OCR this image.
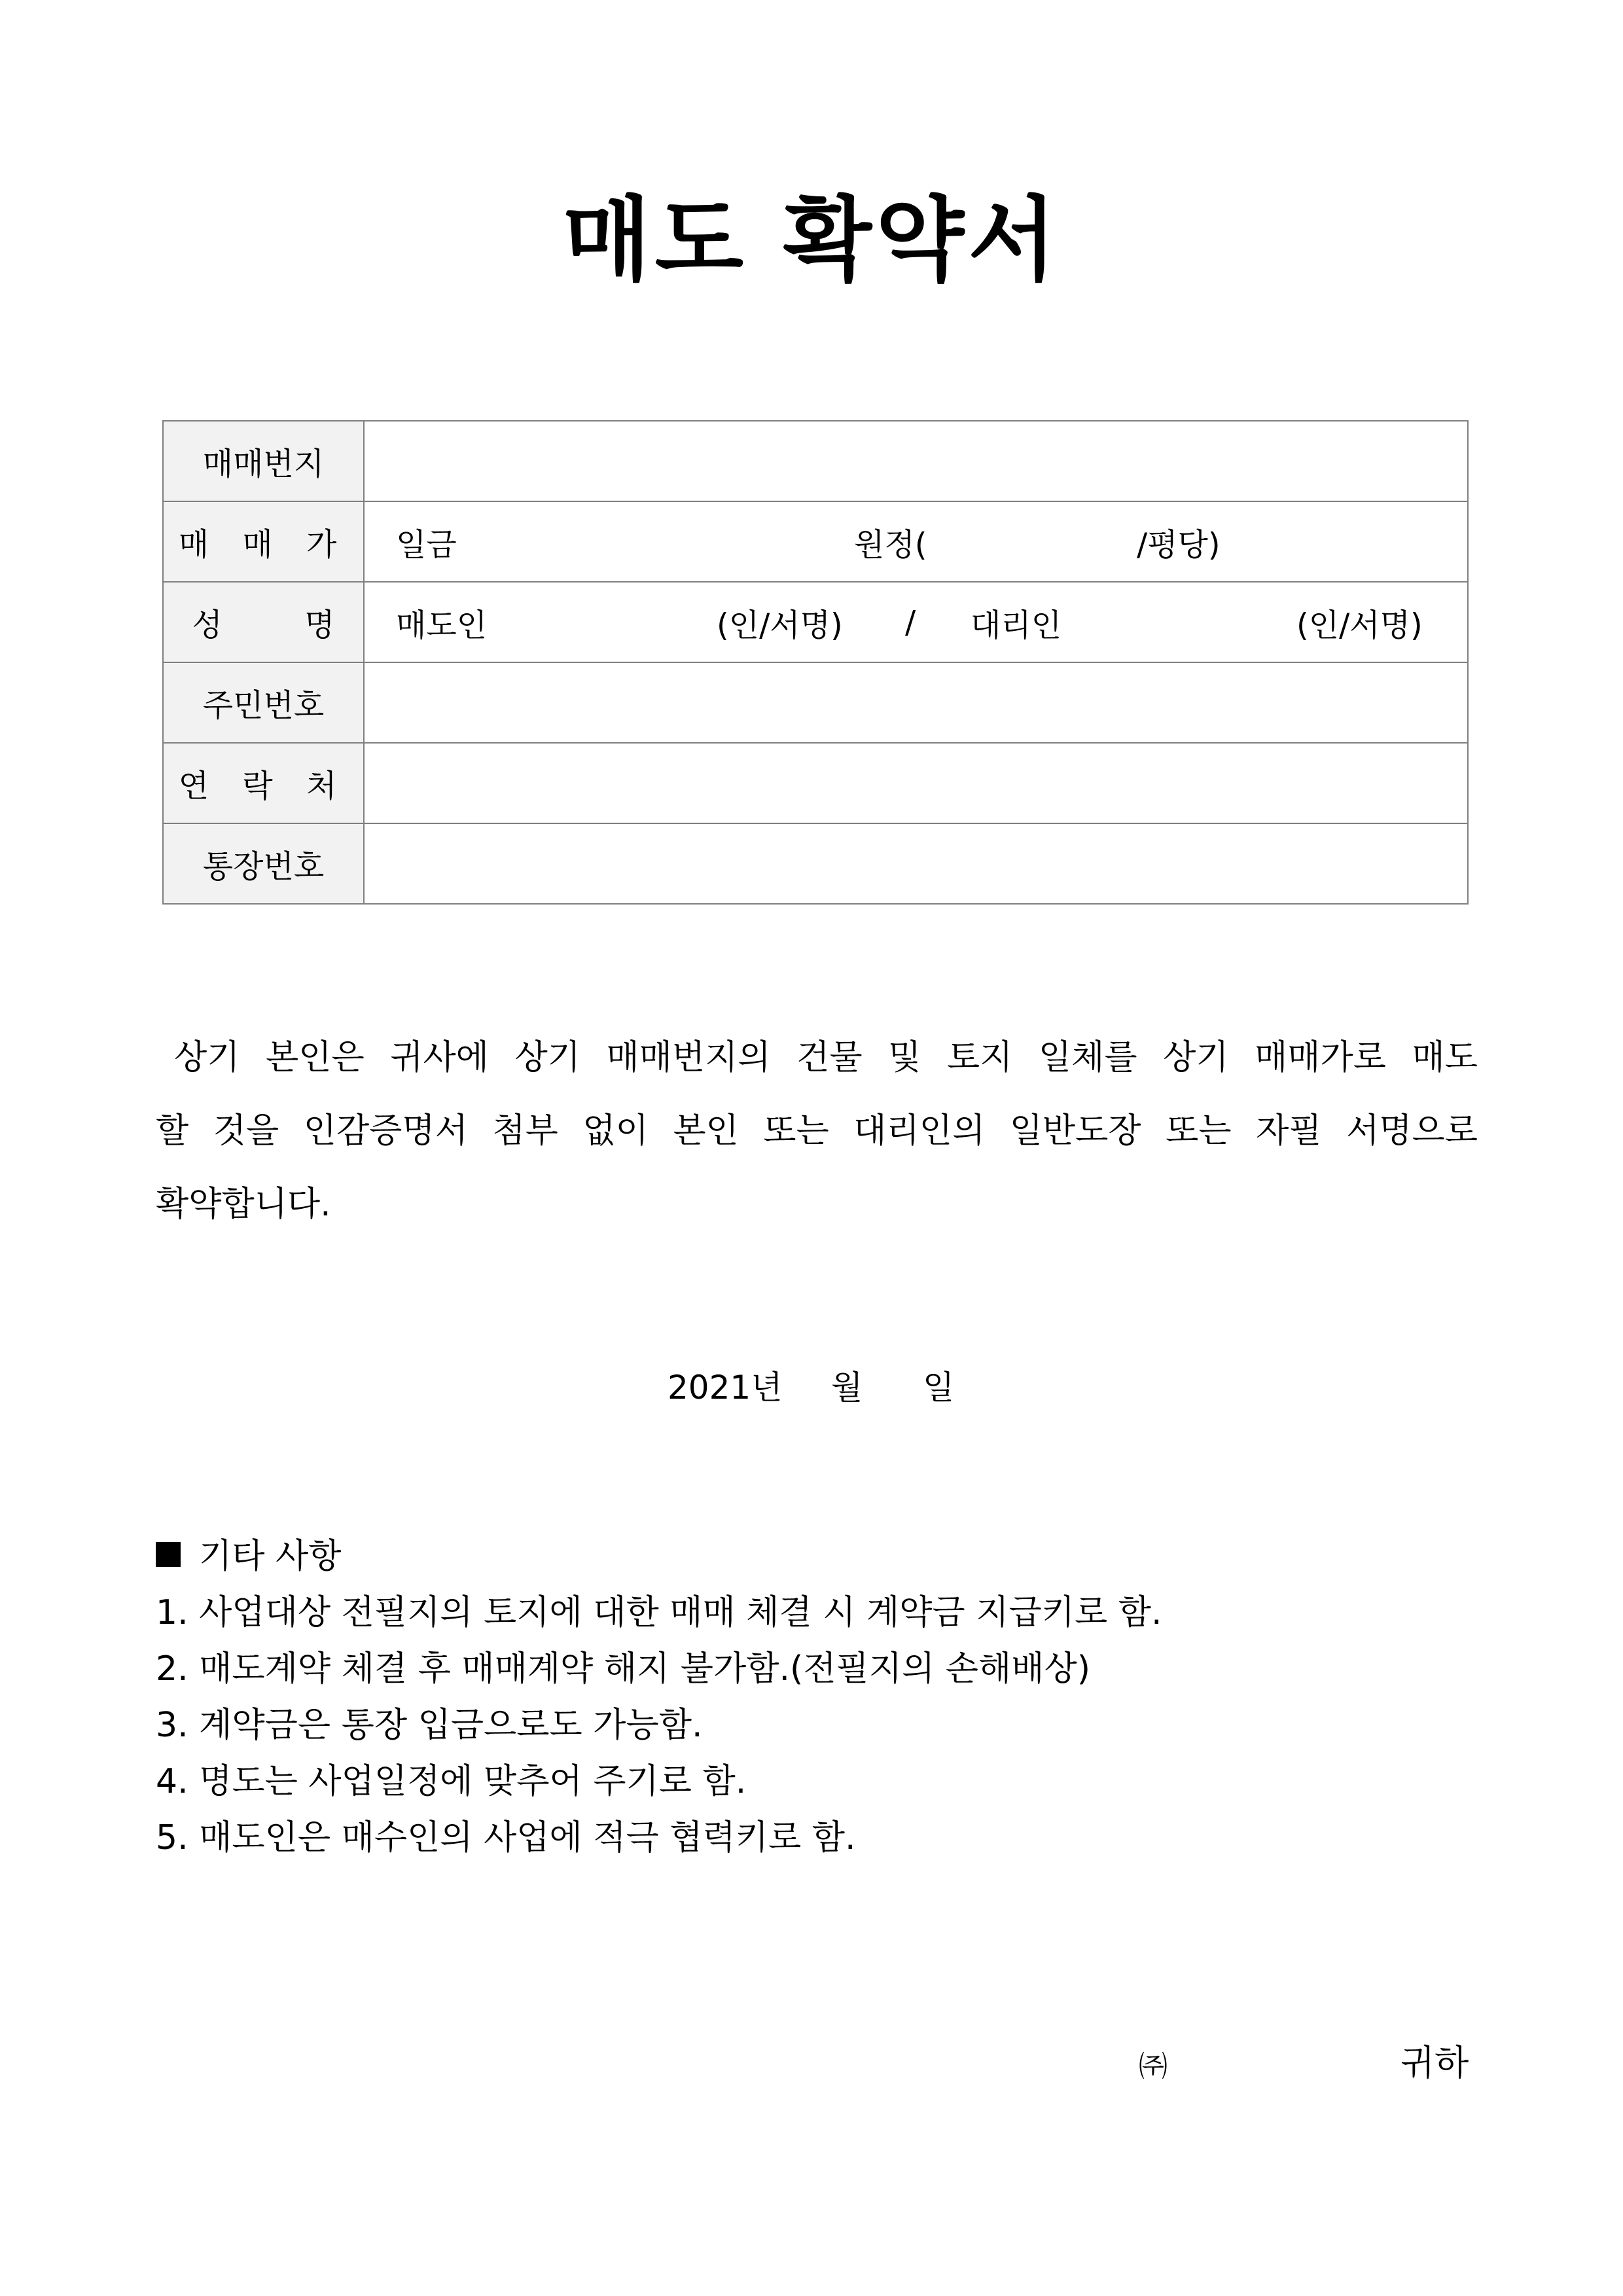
매도 확약서
매매번지	
매 매 가	일금 원정( /평당)

성 명	매도인 (인/서명) / 대리인 (인/서명)

주민번호	
연 락 처	
통장번호	
상기 본인은 귀사에 상기 매매번지의 건물 및 토지 일체를 상기 매매가로 매도
할 것을 인감증명서 첨부 없이 본인 또는 대리인의 일반도장 또는 자필 서명으로
확약합니다.
2021년 월 일
기타 사항
1. 사업대상 전필지의 토지에 대한 매매 체결 시 계약금 지급키로 함.
2. 매도계약 체결 후 매매계약 해지 불가함.(전필지의 손해배상)
3. 계약금은 통장 입금으로도 가능함.
4. 명도는 사업일정에 맞추어 주기로 함.
5. 매도인은 매수인의 사업에 적극 협력키로 함.
㈜	귀하
